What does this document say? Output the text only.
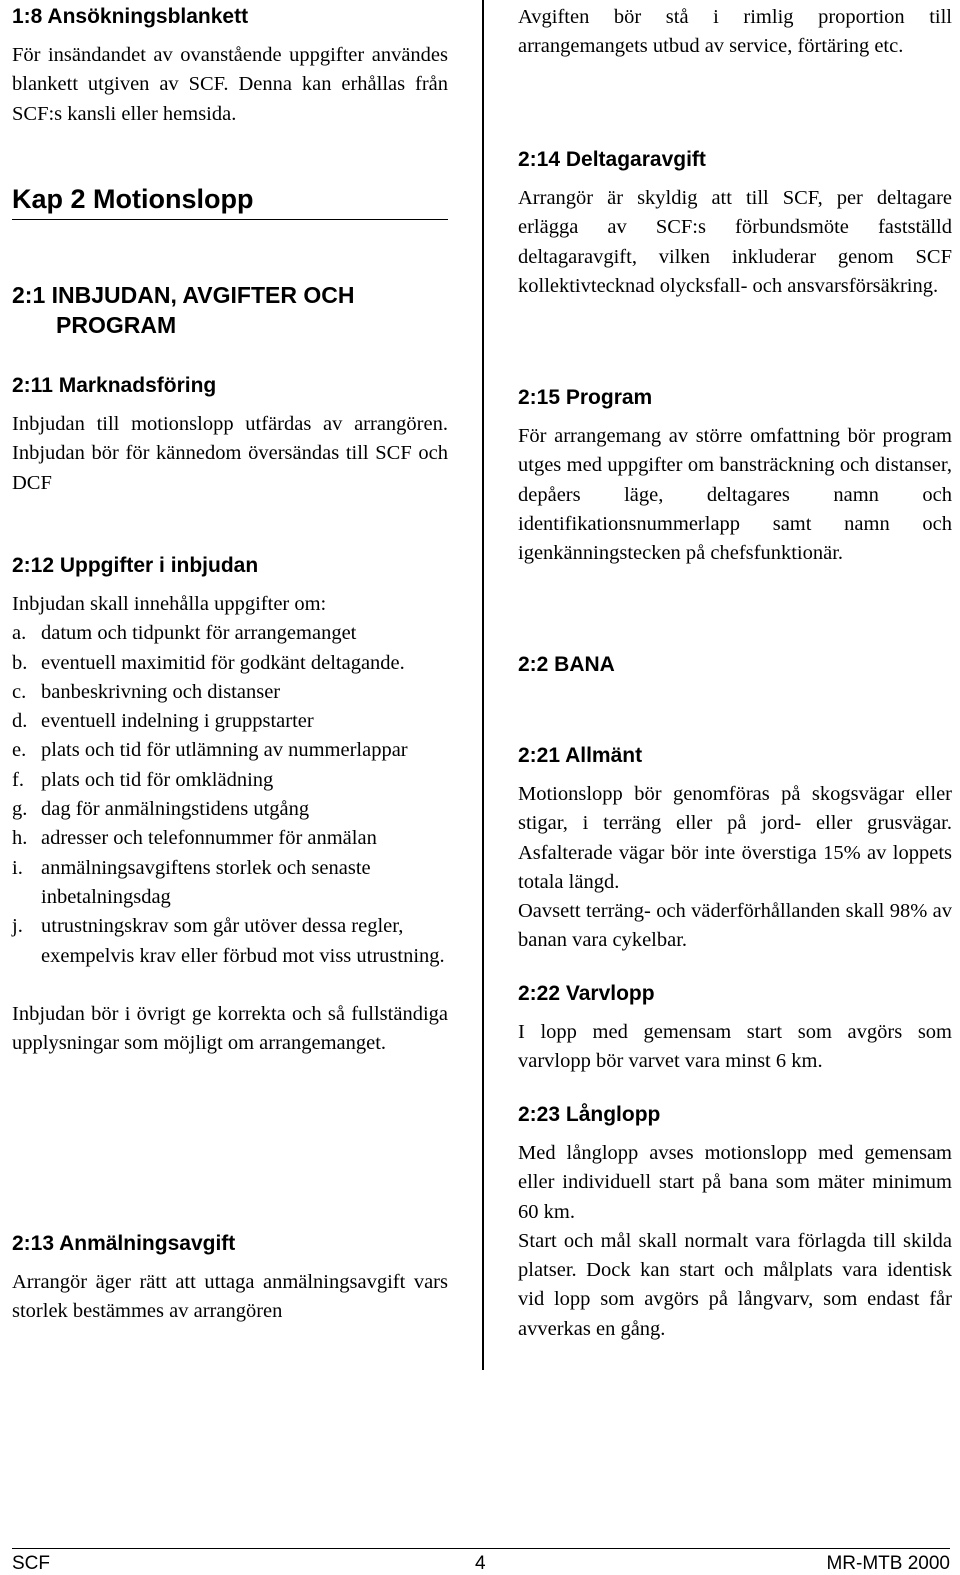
1:8 Ansökningsblankett

För insändandet av ovanstående uppgifter användes blankett utgiven av SCF. Denna kan erhållas från SCF:s kansli eller hemsida.

Kap 2 Motionslopp
2:1 INBJUDAN, AVGIFTER OCH
PROGRAM
2:11 Marknadsföring

Inbjudan till motionslopp utfärdas av arrangören. Inbjudan bör för kännedom översändas till SCF och DCF

2:12 Uppgifter i inbjudan

Inbjudan skall innehålla uppgifter om:

a. datum och tidpunkt för arrangemanget
b. eventuell maximitid för godkänt deltagande.
c. banbeskrivning och distanser
d. eventuell indelning i gruppstarter
e. plats och tid för utlämning av nummerlappar
f. plats och tid för omklädning
g. dag för anmälningstidens utgång
h. adresser och telefonnummer för anmälan
i. anmälningsavgiftens storlek och senaste inbetalningsdag
j. utrustningskrav som går utöver dessa regler, exempelvis krav eller förbud mot viss utrustning.

Inbjudan bör i övrigt ge korrekta och så fullständiga upplysningar som möjligt om arrangemanget.

2:13 Anmälningsavgift

Arrangör äger rätt att uttaga anmälningsavgift vars storlek bestämmes av arrangören

Avgiften bör stå i rimlig proportion till arrangemangets utbud av service, förtäring etc.

2:14 Deltagaravgift

Arrangör är skyldig att till SCF, per deltagare erlägga av SCF:s förbundsmöte fastställd deltagaravgift, vilken inkluderar genom SCF kollektivtecknad olycksfall- och ansvarsförsäkring.

2:15 Program

För arrangemang av större omfattning bör program utges med uppgifter om bansträckning och distanser, depåers läge, deltagares namn och identifikationsnummerlapp samt namn och igenkänningstecken på chefsfunktionär.

2:2 BANA
2:21 Allmänt

Motionslopp bör genomföras på skogsvägar eller stigar, i terräng eller på jord- eller grusvägar. Asfalterade vägar bör inte överstiga 15% av loppets totala längd.

Oavsett terräng- och väderförhållanden skall 98% av banan vara cykelbar.

2:22 Varvlopp

I lopp med gemensam start som avgörs som varvlopp bör varvet vara minst 6 km.

2:23 Långlopp

Med långlopp avses motionslopp med gemensam eller individuell start på bana som mäter minimum 60 km.

Start och mål skall normalt vara förlagda till skilda platser. Dock kan start och målplats vara identisk vid lopp som avgörs på långvarv, som endast får avverkas en gång.

SCF	4	MR-MTB 2000
